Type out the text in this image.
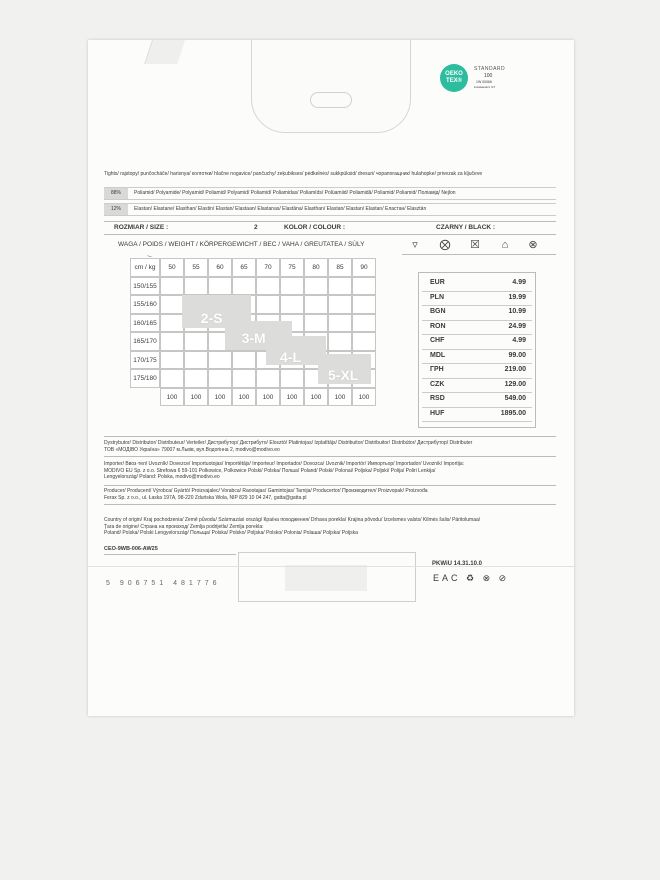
OEKO
TEX®
STANDARD
100
1W 00066
Łukasiewicz ILT
Tights/ rajstopy/ punčocháče/ harisnya/ колготки/ hlačne nogavice/ pančuchy/ zeķubikses/ pėdkelnės/ sukkpüksid/ dresuri/ чорапогащник/ hulahopke/ privezak za ključeve
88%	Poliamid/ Polyamide/ Polyamid/ Poliamid/ Polyamid/ Poliamid/ Poliamidas/ Poliamīds/ Polüamiid/ Poliamidă/ Poliamid/ Poliamid/ Поліамід/ Nejlon
12%	Elastan/ Elastane/ Elasthan/ Elastin/ Elastan/ Elastaan/ Elastanas/ Elastāna/ Elasthan/ Elastan/ Elastan/ Elastan/ Еластан/ Elasztán
ROZMIAR / SIZE :	2	KOLOR / COLOUR :	CZARNY / BLACK :
WAGA / POIDS / WEIGHT / KÖRPERGEWICHT / ВЕС / VAHA / GREUTATEA / SÚLY
cm / kg	50	55	60	65	70	75	80	85	90
150/155
155/160
160/165
165/170
170/175
175/180
100	100	100	100	100	100	100	100	100
2-S
3-M
4-L
5-XL
▿	⨂	☒	⌂	⊗
EUR	4.99
PLN	19.99
BGN	10.99
RON	24.99
CHF	4.99
MDL	99.00
ГРН	219.00
CZK	129.00
RSD	549.00
HUF	1895.00
Dystrybutor/ Distributor/ Distributeur/ Verteiler/ Дистрибутор/ Дистрибуто/ Elosztó/ Platintojas/ Izplatītājs/ Distribuitor/ Distribuitor/ Distribútor/ Дистрибутор/ Distributer
ТОВ «МОДІВО Україна» 79007 м.Львів, вул.Водогінна 2, modivo@modivo.eo
Importer/ Ввоз·тел/ Uvozník/ Dovezce/ Importuotojas/ Importētājs/ Importeur/ Importador/ Dovozca/ Uvoznik/ Importör/ Импортьор/ Importador/ Uvoznik/ Importija:
MODIVO EU Sp. z o.o. Strefowa 6 59-101 Polkowice, Polkowice Polski/ Polska/ Полша/ Poland/ Polski/ Polonai/ Poljska/ Poljski/ Polija/ Poliri Lenkija/
Lengyelország/ Poland: Polska, modivo@modivo.eo
Producer/ Producent/ Výrobca/ Gyártó/ Proizvajalec/ Vorabca/ Raootajas/ Gamintojas/ Tarnija/ Producertor/ Производител/ Proizvopak/ Proizvođa
Ferax Sp. z o.o., ul. Łaska 197A, 98-220 Zduńska Wola, NIP 829 10 04 247, gatta@gatta.pl
Country of origin/ Kraj pochodzenia/ Země původu/ Származási ország/ Країна походження/ Drhava porekla/ Krajina pôvodu/ Izcelsmes valsts/ Kilmės šalis/ Päritolumaa/
Țara de origine/ Страна на произход/ Zemlja podrijetla/ Zemlja porekla:
Poland/ Polska/ Polski Lengyelország/ Польща/ Polska/ Polsko/ Poljska/ Polsko/ Polonia/ Polaшa/ Poljska/ Poljska
CEO-9WB-006-AW25
5 906751 481776
PKWiU 14.31.10.0
EAC ♻ ⊗ ⊘
